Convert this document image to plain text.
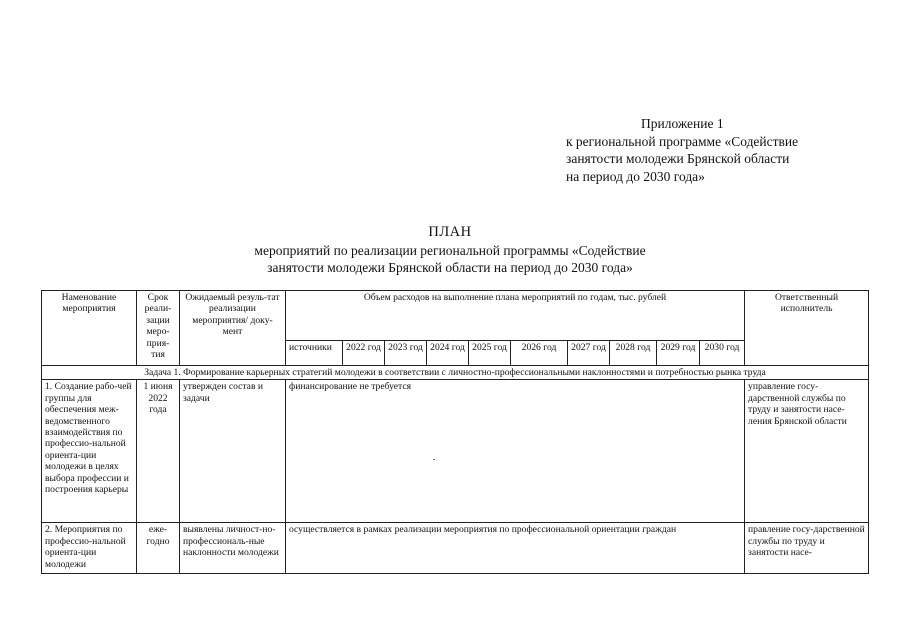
Приложение 1
к региональной программе «Содействие
занятости молодежи Брянской области
на период до 2030 года»
ПЛАН
мероприятий по реализации региональной программы «Содействие
занятости молодежи Брянской области на период до 2030 года»
Наменование мероприятия	Срок реали-зации меро-прия-тия	Ожидаемый резуль-тат реализации мероприятия/ доку-мент	Объем расходов на выполнение плана мероприятий по годам, тыс. рублей										Ответственный исполнитель
			источники	2022 год	2023 год	2024 год	2025 год	2026 год	2027 год	2028 год	2029 год	2030 год	
Задача 1. Формирование карьерных стратегий молодежи в соответствии с личностно-профессиональными наклонностями и потребностью рынка труда													
1. Создание рабо-чей группы для обеспечения меж-ведомственного взаимодействия по профессио-нальной ориента-ции молодежи в целях выбора профессии и построения карьеры	1 июня 2022 года	утвержден состав и задачи	финансирование не требуется										управление госу-дарственной службы по труду и занятости насе-ления Брянской области
2. Мероприятия по профессио-нальной ориента-ции молодежи	еже-годно	выявлены личност-но-профессиональ-ные наклонности молодежи	осуществляется в рамках реализации мероприятия по профессиональной ориентации граждан										правление госу-дарственной службы по труду и занятости насе-
